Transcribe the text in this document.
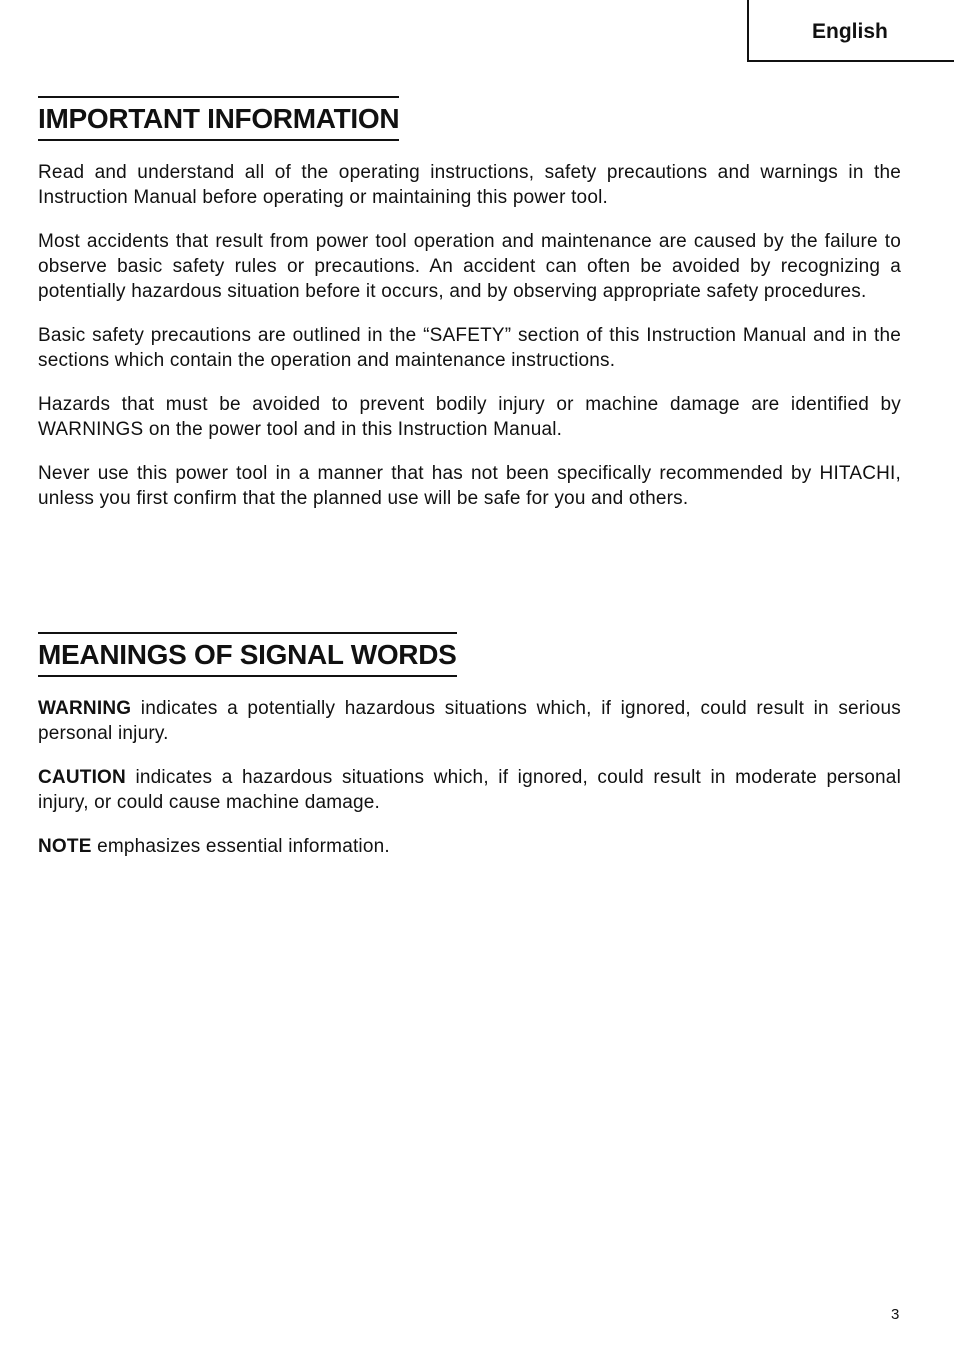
English
IMPORTANT INFORMATION

Read and understand all of the operating instructions, safety precautions and warnings in the Instruction Manual before operating or maintaining this power tool.

Most accidents that result from power tool operation and maintenance are caused by the failure to observe basic safety rules or precautions. An accident can often be avoided by recognizing a potentially hazardous situation before it occurs, and by observing appropriate safety procedures.

Basic safety precautions are outlined in the “SAFETY” section of this Instruction Manual and in the sections which contain the operation and maintenance instructions.

Hazards that must be avoided to prevent bodily injury or machine damage are identified by WARNINGS on the power tool and in this Instruction Manual.

Never use this power tool in a manner that has not been specifically recommended by HITACHI, unless you first confirm that the planned use will be safe for you and others.

MEANINGS OF SIGNAL WORDS

WARNING indicates a potentially hazardous situations which, if ignored, could result in serious personal injury.

CAUTION indicates a hazardous situations which, if ignored, could result in moderate personal injury, or could cause machine damage.

NOTE emphasizes essential information.

3
